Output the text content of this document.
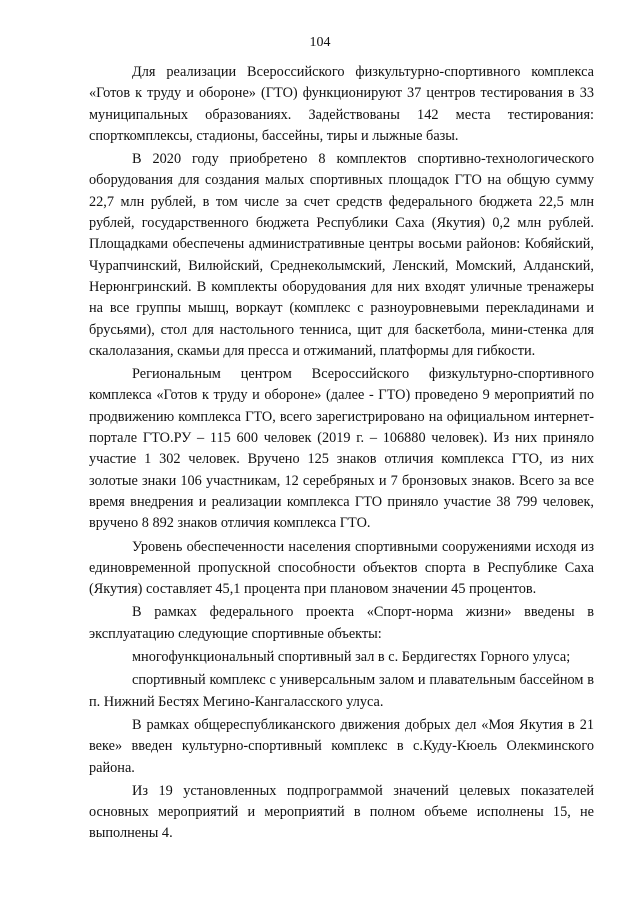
104

Для реализации Всероссийского физкультурно-спортивного комплекса «Готов к труду и обороне» (ГТО) функционируют 37 центров тестирования в 33 муниципальных образованиях. Задействованы 142 места тестирования: спорткомплексы, стадионы, бассейны, тиры и лыжные базы.

В 2020 году приобретено 8 комплектов спортивно-технологического оборудования для создания малых спортивных площадок ГТО на общую сумму 22,7 млн рублей, в том числе за счет средств федерального бюджета 22,5 млн рублей, государственного бюджета Республики Саха (Якутия) 0,2 млн рублей. Площадками обеспечены административные центры восьми районов: Кобяйский, Чурапчинский, Вилюйский, Среднеколымский, Ленский, Момский, Алданский, Нерюнгринский. В комплекты оборудования для них входят уличные тренажеры на все группы мышц, воркаут (комплекс с разноуровневыми перекладинами и брусьями), стол для настольного тенниса, щит для баскетбола, мини-стенка для скалолазания, скамьи для пресса и отжиманий, платформы для гибкости.

Региональным центром Всероссийского физкультурно-спортивного комплекса «Готов к труду и обороне» (далее - ГТО) проведено 9 мероприятий по продвижению комплекса ГТО, всего зарегистрировано на официальном интернет-портале ГТО.РУ – 115 600 человек (2019 г. – 106880 человек). Из них приняло участие 1 302 человек. Вручено 125 знаков отличия комплекса ГТО, из них золотые знаки 106 участникам, 12 серебряных и 7 бронзовых знаков. Всего за все время внедрения и реализации комплекса ГТО приняло участие 38 799 человек, вручено 8 892 знаков отличия комплекса ГТО.

Уровень обеспеченности населения спортивными сооружениями исходя из единовременной пропускной способности объектов спорта в Республике Саха (Якутия) составляет 45,1 процента при плановом значении 45 процентов.

В рамках федерального проекта «Спорт-норма жизни» введены в эксплуатацию следующие спортивные объекты:

многофункциональный спортивный зал в с. Бердигестях Горного улуса;

спортивный комплекс с универсальным залом и плавательным бассейном в п. Нижний Бестях Мегино-Кангаласского улуса.

В рамках общереспубликанского движения добрых дел «Моя Якутия в 21 веке» введен культурно-спортивный комплекс в с.Куду-Кюель Олекминского района.

Из 19 установленных подпрограммой значений целевых показателей основных мероприятий и мероприятий в полном объеме исполнены 15, не выполнены 4.
